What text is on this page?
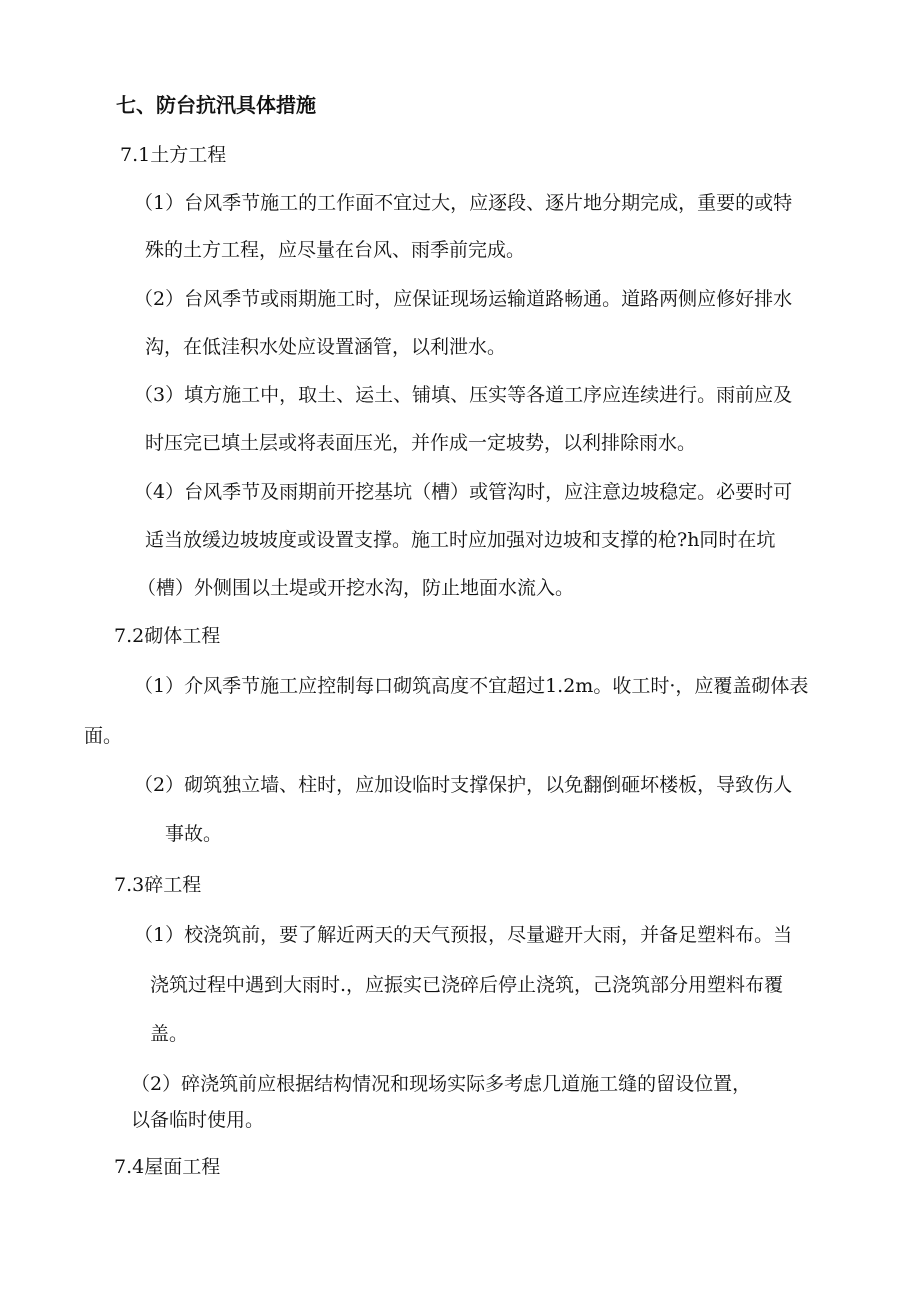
七、防台抗汛具体措施
7.1土方工程
（1）台风季节施工的工作面不宜过大，应逐段、逐片地分期完成，重要的或特
殊的土方工程，应尽量在台风、雨季前完成。
（2）台风季节或雨期施工时，应保证现场运输道路畅通。道路两侧应修好排水
沟，在低洼积水处应设置涵管，以利泄水。
（3）填方施工中，取土、运土、铺填、压实等各道工序应连续进行。雨前应及
时压完已填土层或将表面压光，并作成一定坡势，以利排除雨水。
（4）台风季节及雨期前开挖基坑（槽）或管沟时，应注意边坡稳定。必要时可
适当放缓边坡坡度或设置支撑。施工时应加强对边坡和支撑的枪?h同时在坑
（槽）外侧围以土堤或开挖水沟，防止地面水流入。
7.2砌体工程
（1）介风季节施工应控制每口砌筑高度不宜超过1.2m。收工时·，应覆盖砌体表
面。
（2）砌筑独立墙、柱时，应加设临时支撑保护，以免翻倒砸坏楼板，导致伤人
事故。
7.3碎工程
（1）校浇筑前，要了解近两天的天气预报，尽量避开大雨，并备足塑料布。当
浇筑过程中遇到大雨时.，应振实已浇碎后停止浇筑，己浇筑部分用塑料布覆
盖。
（2）碎浇筑前应根据结构情况和现场实际多考虑几道施工缝的留设位置，
以备临时使用。
7.4屋面工程
